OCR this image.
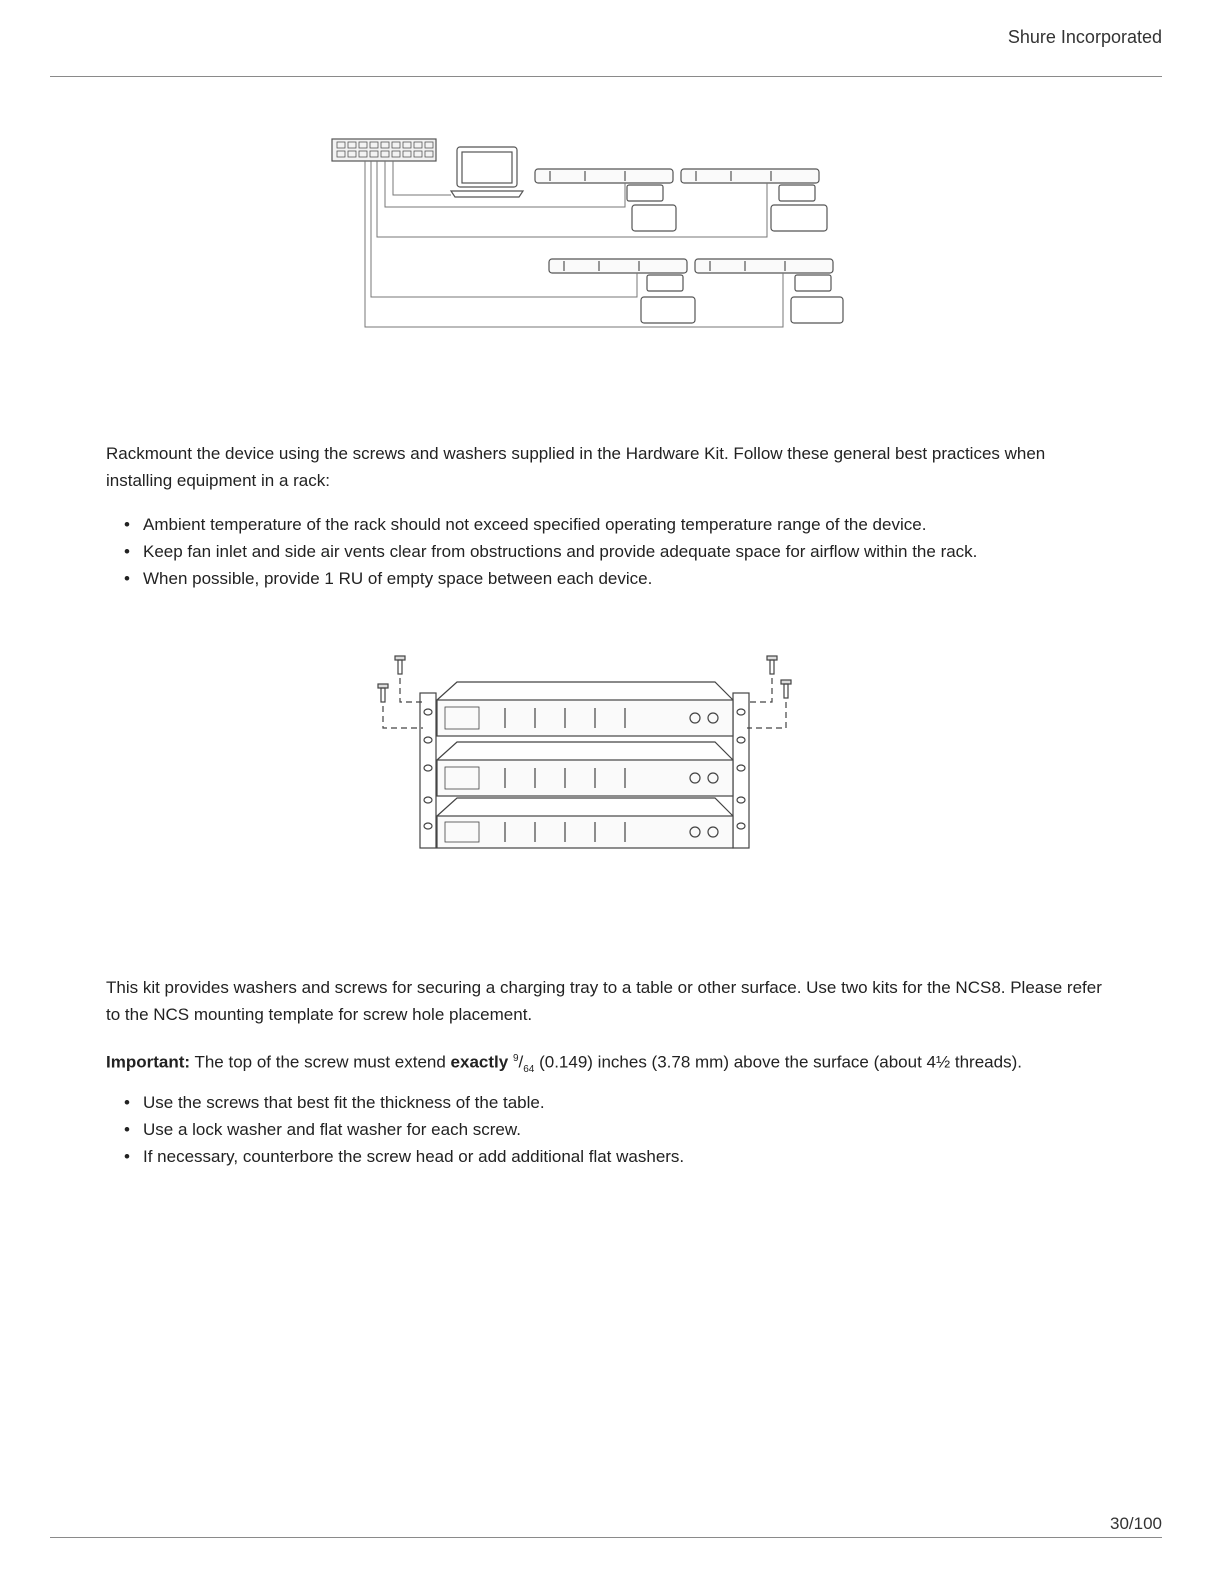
Shure Incorporated

Rackmount the device using the screws and washers supplied in the Hardware Kit. Follow these general best practices when installing equipment in a rack:

• Ambient temperature of the rack should not exceed specified operating temperature range of the device.
• Keep fan inlet and side air vents clear from obstructions and provide adequate space for airflow within the rack.
• When possible, provide 1 RU of empty space between each device.

This kit provides washers and screws for securing a charging tray to a table or other surface. Use two kits for the NCS8. Please refer to the NCS mounting template for screw hole placement.

Important: The top of the screw must extend exactly $^9/_{64}$ (0.149) inches (3.78 mm) above the surface (about 4½ threads).

• Use the screws that best fit the thickness of the table.
• Use a lock washer and flat washer for each screw.
• If necessary, counterbore the screw head or add additional flat washers.
30/100
